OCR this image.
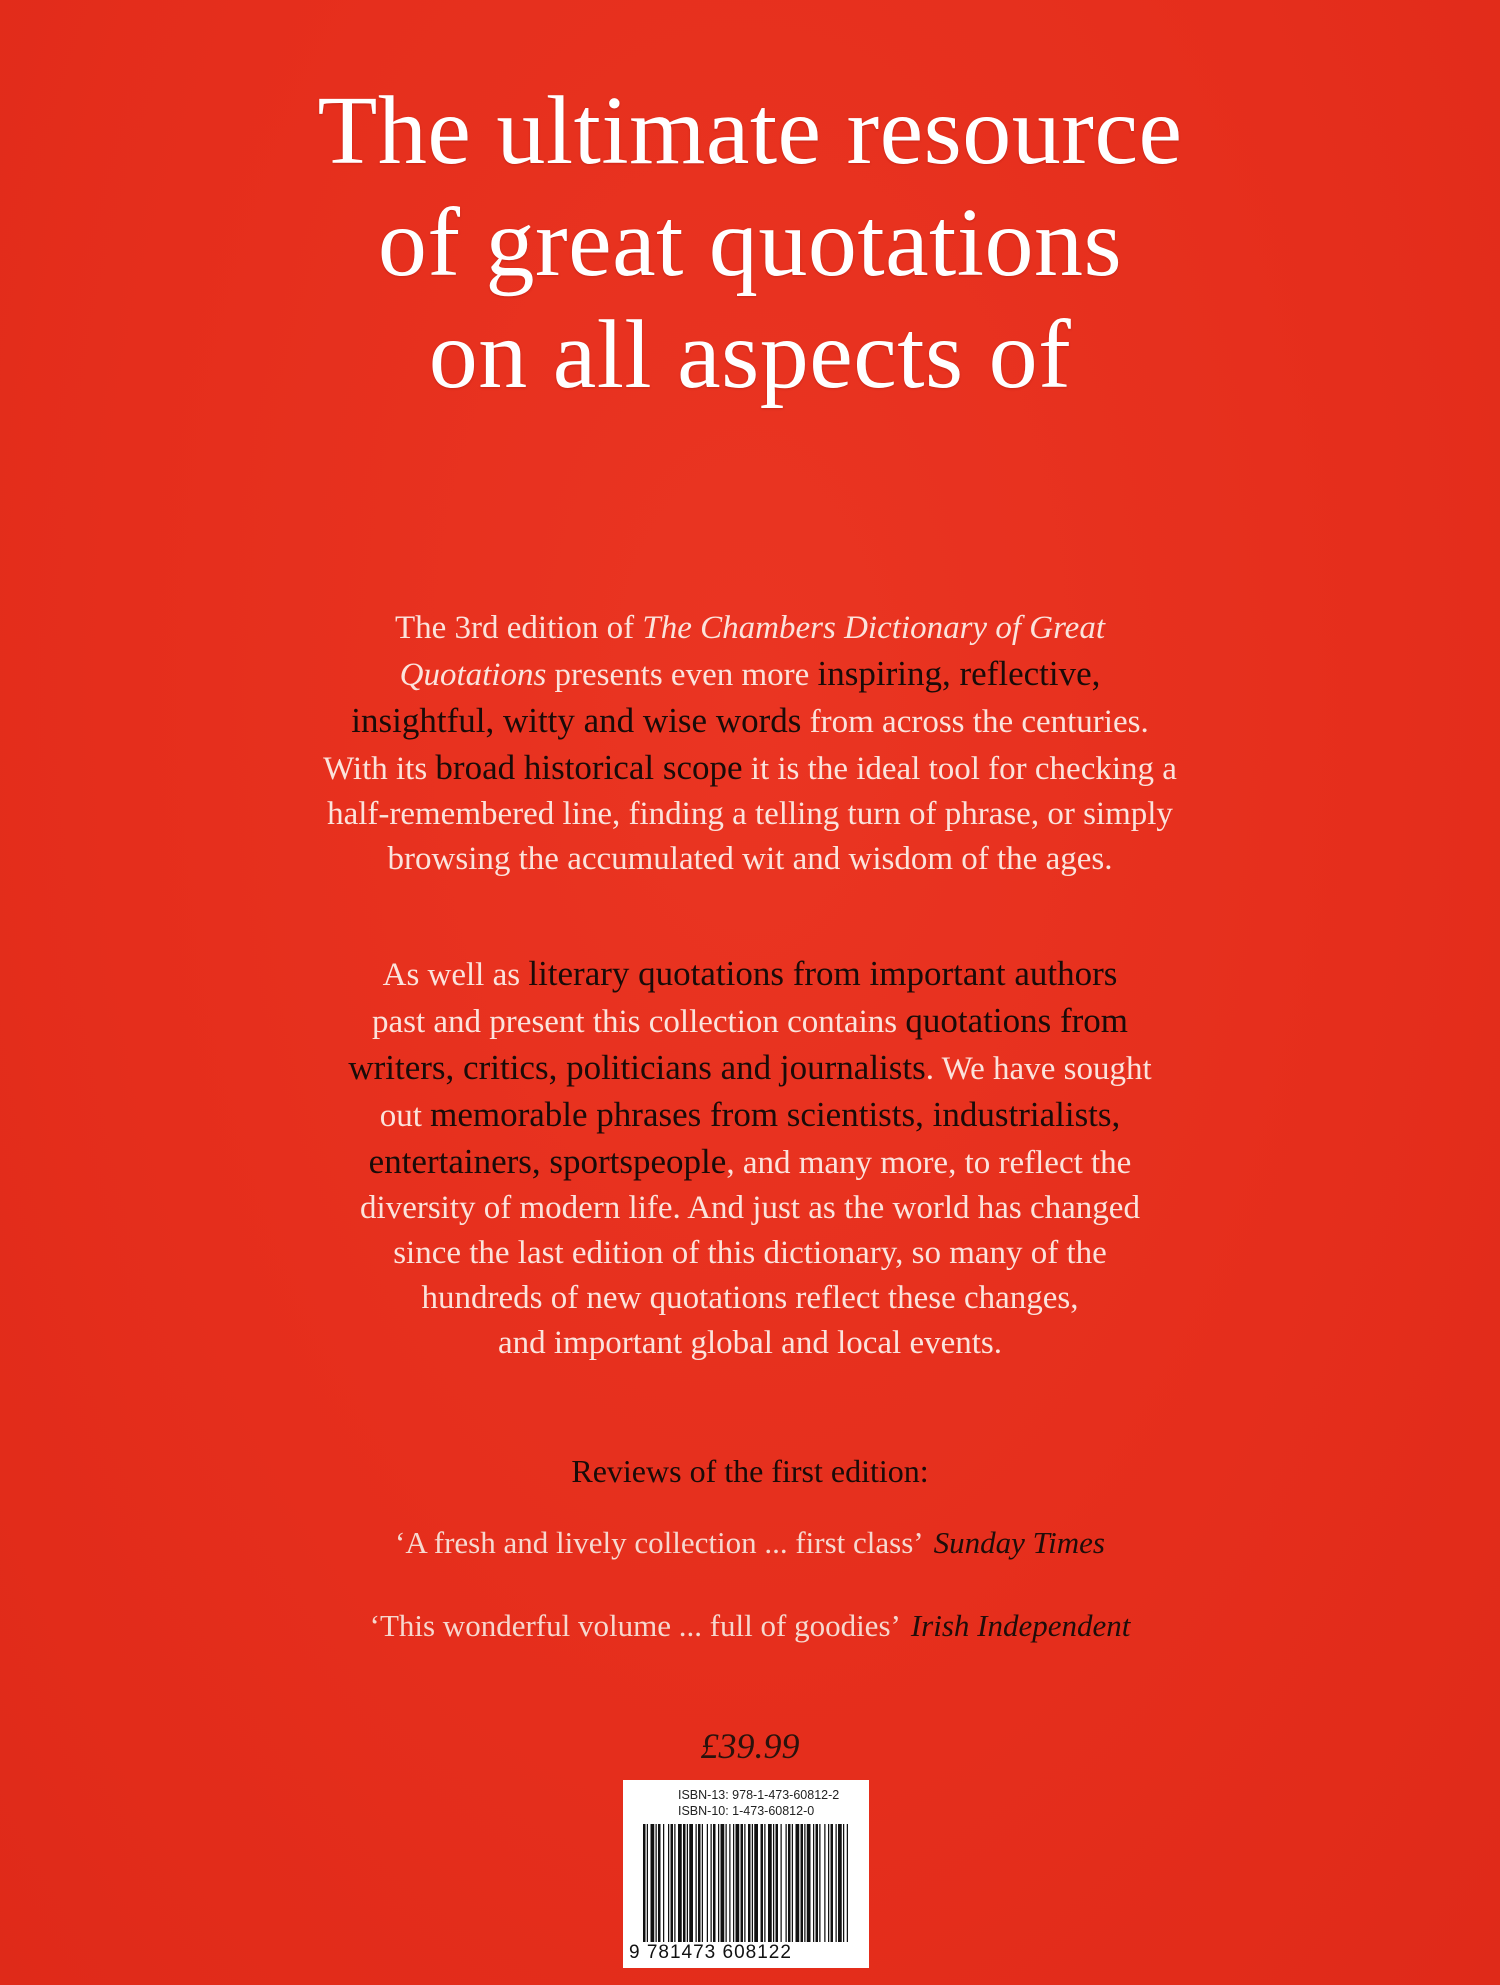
The ultimate resource
of great quotations
on all aspects of
The 3rd edition of The Chambers Dictionary of Great
Quotations presents even more inspiring, reflective,
insightful, witty and wise words from across the centuries.
With its broad historical scope it is the ideal tool for checking a
half-remembered line, finding a telling turn of phrase, or simply
browsing the accumulated wit and wisdom of the ages.
As well as literary quotations from important authors
past and present this collection contains quotations from
writers, critics, politicians and journalists. We have sought
out memorable phrases from scientists, industrialists,
entertainers, sportspeople, and many more, to reflect the
diversity of modern life. And just as the world has changed
since the last edition of this dictionary, so many of the
hundreds of new quotations reflect these changes,
and important global and local events.
Reviews of the first edition:
‘A fresh and lively collection ... first class’ Sunday Times
‘This wonderful volume ... full of goodies’ Irish Independent
£39.99
ISBN-13: 978-1-473-60812-2
ISBN-10: 1-473-60812-0
9 781473 608122
